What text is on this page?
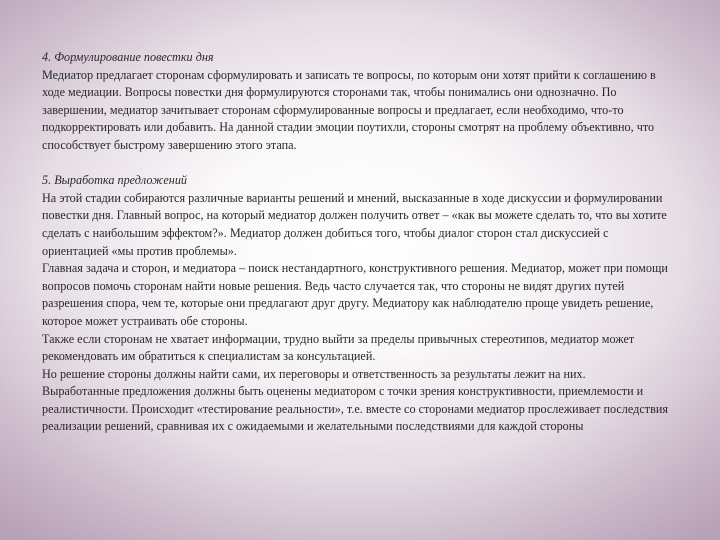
4. Формулирование повестки дня
Медиатор предлагает сторонам сформулировать и записать те вопросы, по которым они хотят прийти к соглашению в ходе медиации. Вопросы повестки дня формулируются сторонами так, чтобы понимались они однозначно. По завершении, медиатор зачитывает сторонам сформулированные вопросы и предлагает, если необходимо, что-то подкорректировать или добавить. На данной стадии эмоции поутихли, стороны смотрят на проблему объективно, что способствует быстрому завершению этого этапа.
5. Выработка предложений
На этой стадии собираются различные варианты решений и мнений, высказанные в ходе дискуссии и формулировании повестки дня. Главный вопрос, на который медиатор должен получить ответ – «как вы можете сделать то, что вы хотите сделать с наибольшим эффектом?». Медиатор должен добиться того, чтобы диалог сторон стал дискуссией с ориентацией «мы против проблемы».
Главная задача и сторон, и медиатора – поиск нестандартного, конструктивного решения. Медиатор, может при помощи вопросов помочь сторонам найти новые решения. Ведь часто случается так, что стороны не видят других путей разрешения спора, чем те, которые они предлагают друг другу. Медиатору как наблюдателю проще увидеть решение, которое может устраивать обе стороны.
Также если сторонам не хватает информации, трудно выйти за пределы привычных стереотипов, медиатор может рекомендовать им обратиться к специалистам за консультацией.
Но решение стороны должны найти сами, их переговоры и ответственность за результаты лежит на них.
Выработанные предложения должны быть оценены медиатором с точки зрения конструктивности, приемлемости и реалистичности. Происходит «тестирование реальности», т.е. вместе со сторонами медиатор прослеживает последствия реализации решений, сравнивая их с ожидаемыми и желательными последствиями для каждой стороны
